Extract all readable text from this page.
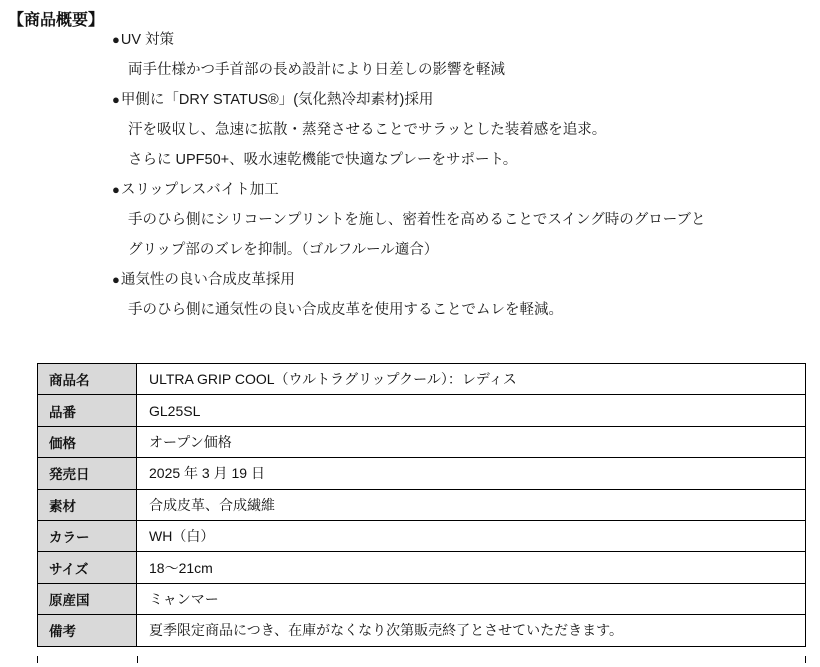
【商品概要】
●UV 対策
両手仕様かつ手首部の長め設計により日差しの影響を軽減
●甲側に「DRY STATUS®」(気化熱冷却素材)採用
汗を吸収し、急速に拡散・蒸発させることでサラッとした装着感を追求。
さらに UPF50+、吸水速乾機能で快適なプレーをサポート。
●スリップレスバイト加工
手のひら側にシリコーンプリントを施し、密着性を高めることでスイング時のグローブと
グリップ部のズレを抑制。（ゴルフルール適合）
●通気性の良い合成皮革採用
手のひら側に通気性の良い合成皮革を使用することでムレを軽減。
商品名	ULTRA GRIP COOL（ウルトラグリップクール）：レディス
品番	GL25SL
価格	オープン価格
発売日	2025 年 3 月 19 日
素材	合成皮革、合成繊維
カラー	WH（白）
サイズ	18～21cm
原産国	ミャンマー
備考	夏季限定商品につき、在庫がなくなり次第販売終了とさせていただきます。
